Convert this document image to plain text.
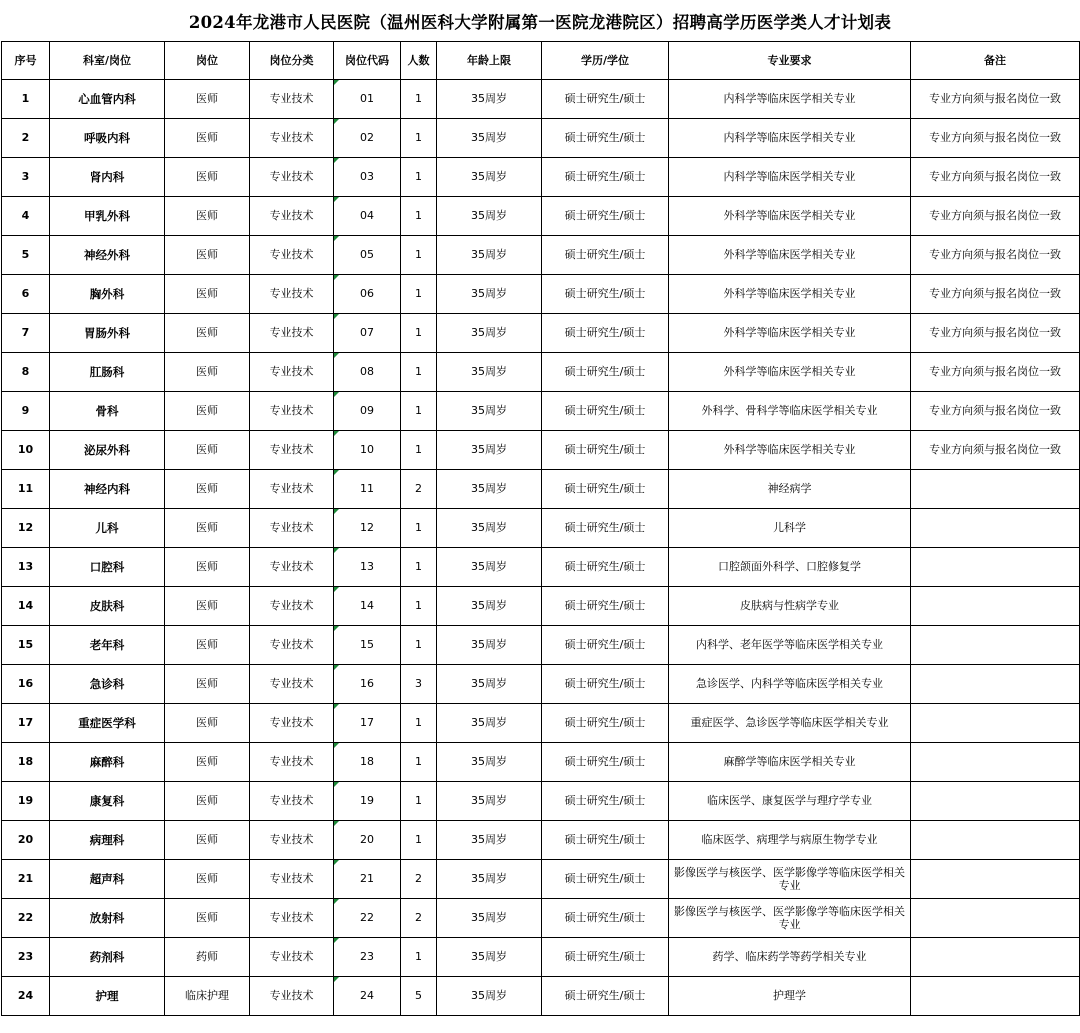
2024年龙港市人民医院（温州医科大学附属第一医院龙港院区）招聘高学历医学类人才计划表
序号	科室/岗位	岗位	岗位分类	岗位代码	人数	年龄上限	学历/学位	专业要求	备注
1	心血管内科	医师	专业技术	01	1	35周岁	硕士研究生/硕士	内科学等临床医学相关专业	专业方向须与报名岗位一致
2	呼吸内科	医师	专业技术	02	1	35周岁	硕士研究生/硕士	内科学等临床医学相关专业	专业方向须与报名岗位一致
3	肾内科	医师	专业技术	03	1	35周岁	硕士研究生/硕士	内科学等临床医学相关专业	专业方向须与报名岗位一致
4	甲乳外科	医师	专业技术	04	1	35周岁	硕士研究生/硕士	外科学等临床医学相关专业	专业方向须与报名岗位一致
5	神经外科	医师	专业技术	05	1	35周岁	硕士研究生/硕士	外科学等临床医学相关专业	专业方向须与报名岗位一致
6	胸外科	医师	专业技术	06	1	35周岁	硕士研究生/硕士	外科学等临床医学相关专业	专业方向须与报名岗位一致
7	胃肠外科	医师	专业技术	07	1	35周岁	硕士研究生/硕士	外科学等临床医学相关专业	专业方向须与报名岗位一致
8	肛肠科	医师	专业技术	08	1	35周岁	硕士研究生/硕士	外科学等临床医学相关专业	专业方向须与报名岗位一致
9	骨科	医师	专业技术	09	1	35周岁	硕士研究生/硕士	外科学、骨科学等临床医学相关专业	专业方向须与报名岗位一致
10	泌尿外科	医师	专业技术	10	1	35周岁	硕士研究生/硕士	外科学等临床医学相关专业	专业方向须与报名岗位一致
11	神经内科	医师	专业技术	11	2	35周岁	硕士研究生/硕士	神经病学	
12	儿科	医师	专业技术	12	1	35周岁	硕士研究生/硕士	儿科学	
13	口腔科	医师	专业技术	13	1	35周岁	硕士研究生/硕士	口腔颌面外科学、口腔修复学	
14	皮肤科	医师	专业技术	14	1	35周岁	硕士研究生/硕士	皮肤病与性病学专业	
15	老年科	医师	专业技术	15	1	35周岁	硕士研究生/硕士	内科学、老年医学等临床医学相关专业	
16	急诊科	医师	专业技术	16	3	35周岁	硕士研究生/硕士	急诊医学、内科学等临床医学相关专业	
17	重症医学科	医师	专业技术	17	1	35周岁	硕士研究生/硕士	重症医学、急诊医学等临床医学相关专业	
18	麻醉科	医师	专业技术	18	1	35周岁	硕士研究生/硕士	麻醉学等临床医学相关专业	
19	康复科	医师	专业技术	19	1	35周岁	硕士研究生/硕士	临床医学、康复医学与理疗学专业	
20	病理科	医师	专业技术	20	1	35周岁	硕士研究生/硕士	临床医学、病理学与病原生物学专业	
21	超声科	医师	专业技术	21	2	35周岁	硕士研究生/硕士	影像医学与核医学、医学影像学等临床医学相关专业	
22	放射科	医师	专业技术	22	2	35周岁	硕士研究生/硕士	影像医学与核医学、医学影像学等临床医学相关专业	
23	药剂科	药师	专业技术	23	1	35周岁	硕士研究生/硕士	药学、临床药学等药学相关专业	
24	护理	临床护理	专业技术	24	5	35周岁	硕士研究生/硕士	护理学	
